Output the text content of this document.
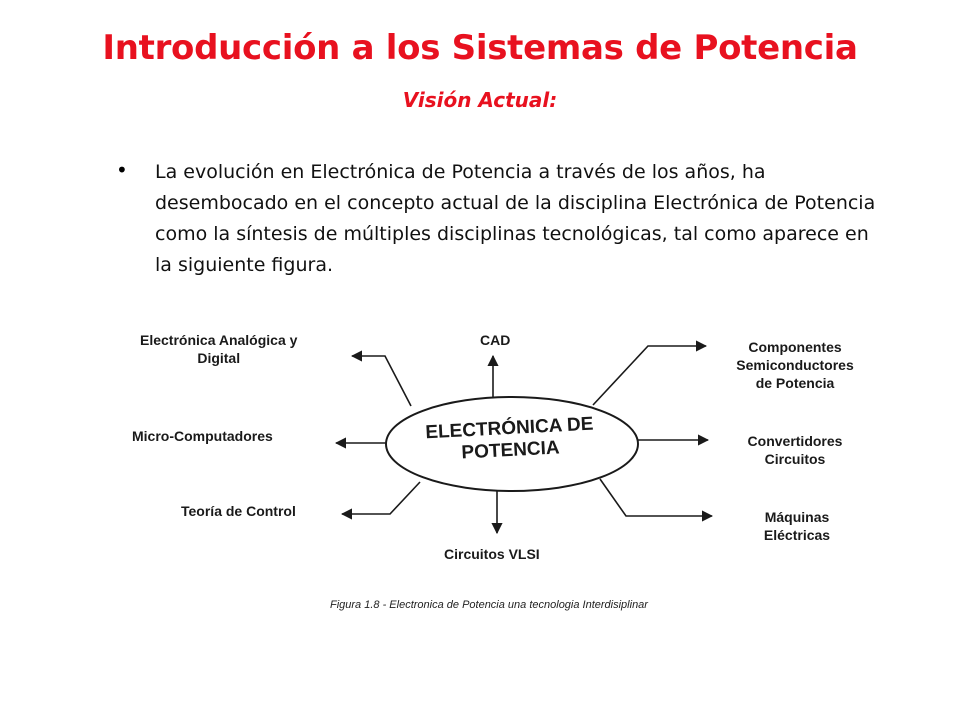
Introducción a los Sistemas de Potencia
Visión Actual:
• La evolución en Electrónica de Potencia a través de los años, ha desembocado en el concepto actual de la disciplina Electrónica de Potencia como la síntesis de múltiples disciplinas tecnológicas, tal como aparece en la siguiente figura.
ELECTRÓNICA DE
POTENCIA
Electrónica Analógica y
Digital
CAD	Componentes
Semiconductores
de Potencia
Micro-Computadores	Convertidores
Circuitos
Teoría de Control	Máquinas
Eléctricas
Circuitos VLSI
Figura 1.8 - Electronica de Potencia una tecnologia Interdisiplinar
